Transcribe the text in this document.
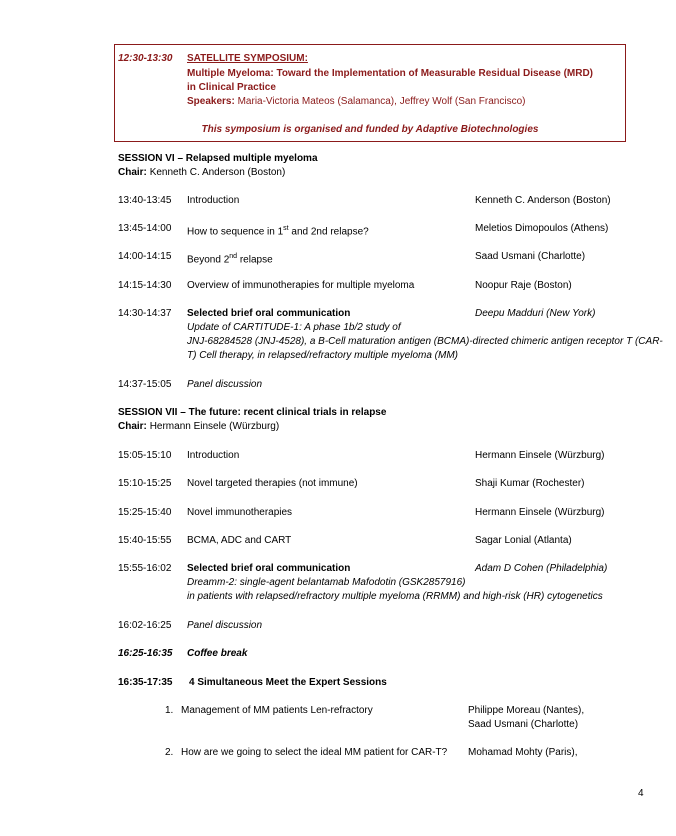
12:30-13:30 SATELLITE SYMPOSIUM:
Multiple Myeloma: Toward the Implementation of Measurable Residual Disease (MRD)
in Clinical Practice
Speakers: Maria-Victoria Mateos (Salamanca), Jeffrey Wolf (San Francisco)
This symposium is organised and funded by Adaptive Biotechnologies
SESSION VI – Relapsed multiple myeloma
Chair: Kenneth C. Anderson (Boston)
13:40-13:45 Introduction	Kenneth C. Anderson (Boston)
13:45-14:00 How to sequence in 1st and 2nd relapse?	Meletios Dimopoulos (Athens)
14:00-14:15 Beyond 2nd relapse	Saad Usmani (Charlotte)
14:15-14:30 Overview of immunotherapies for multiple myeloma	Noopur Raje (Boston)
14:30-14:37 Selected brief oral communication	Deepu Madduri (New York)
Update of CARTITUDE-1: A phase 1b/2 study of
JNJ-68284528 (JNJ-4528), a B-Cell maturation antigen (BCMA)-directed chimeric antigen receptor T (CAR-
T) Cell therapy, in relapsed/refractory multiple myeloma (MM)
14:37-15:05 Panel discussion
SESSION VII – The future: recent clinical trials in relapse
Chair: Hermann Einsele (Würzburg)
15:05-15:10 Introduction	Hermann Einsele (Würzburg)
15:10-15:25 Novel targeted therapies (not immune)	Shaji Kumar (Rochester)
15:25-15:40 Novel immunotherapies	Hermann Einsele (Würzburg)
15:40-15:55 BCMA, ADC and CART	Sagar Lonial (Atlanta)
15:55-16:02 Selected brief oral communication	Adam D Cohen (Philadelphia)
Dreamm-2: single-agent belantamab Mafodotin (GSK2857916)
in patients with relapsed/refractory multiple myeloma (RRMM) and high-risk (HR) cytogenetics
16:02-16:25 Panel discussion
16:25-16:35 Coffee break
16:35-17:35 4 Simultaneous Meet the Expert Sessions
1. Management of MM patients Len-refractory	Philippe Moreau (Nantes),
Saad Usmani (Charlotte)
2. How are we going to select the ideal MM patient for CAR-T? Mohamad Mohty (Paris),
4
